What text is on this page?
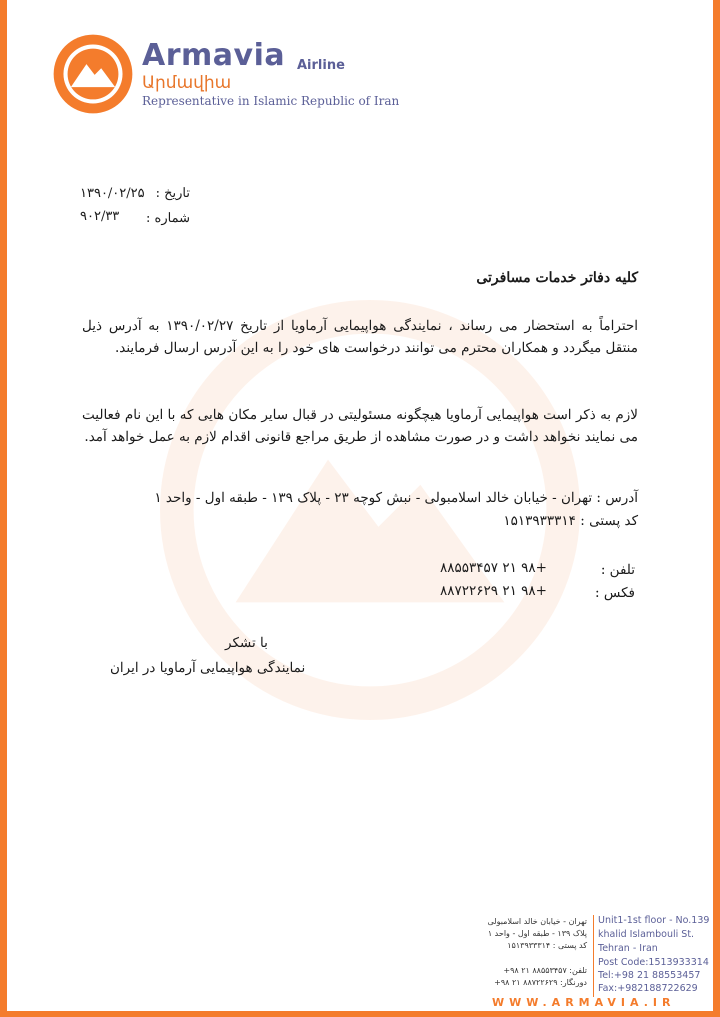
Armavia Airline
Արմավիա
Representative in Islamic Republic of Iran
تاریخ :
۱۳۹۰/۰۲/۲۵
شماره :
۹۰۲/۳۳
کلیه دفاتر خدمات مسافرتی
احتراماً به استحضار می رساند ، نمایندگی هواپیمایی آرماویا از تاریخ ۱۳۹۰/۰۲/۲۷ به آدرس ذیل منتقل میگردد و همکاران محترم می توانند درخواست های خود را به این آدرس ارسال فرمایند.
لازم به ذکر است هواپیمایی آرماویا هیچگونه مسئولیتی در قبال سایر مکان هایی که با این نام فعالیت می نمایند نخواهد داشت و در صورت مشاهده از طریق مراجع قانونی اقدام لازم به عمل خواهد آمد.
آدرس : تهران - خیابان خالد اسلامبولی - نبش کوچه ۲۳ - پلاک ۱۳۹ - طبقه اول - واحد ۱
کد پستی : ۱۵۱۳۹۳۳۳۱۴
تلفن :
+۹۸ ۲۱ ۸۸۵۵۳۴۵۷
فکس :
+۹۸ ۲۱ ۸۸۷۲۲۶۲۹
با تشکر
نمایندگی هواپیمایی آرماویا در ایران
تهران - خیابان خالد اسلامبولی
پلاک ۱۳۹ - طبقه اول - واحد ۱
کد پستی : ۱۵۱۳۹۳۳۳۱۴
تلفن: ۸۸۵۵۳۴۵۷ ۲۱ ۹۸+
دورنگار: ۸۸۷۲۲۶۲۹ ۲۱ ۹۸+
Unit1-1st floor - No.139
khalid Islambouli St.
Tehran - Iran
Post Code:1513933314
Tel:+98 21 88553457
Fax:+982188722629
WWW.ARMAVIA.IR
